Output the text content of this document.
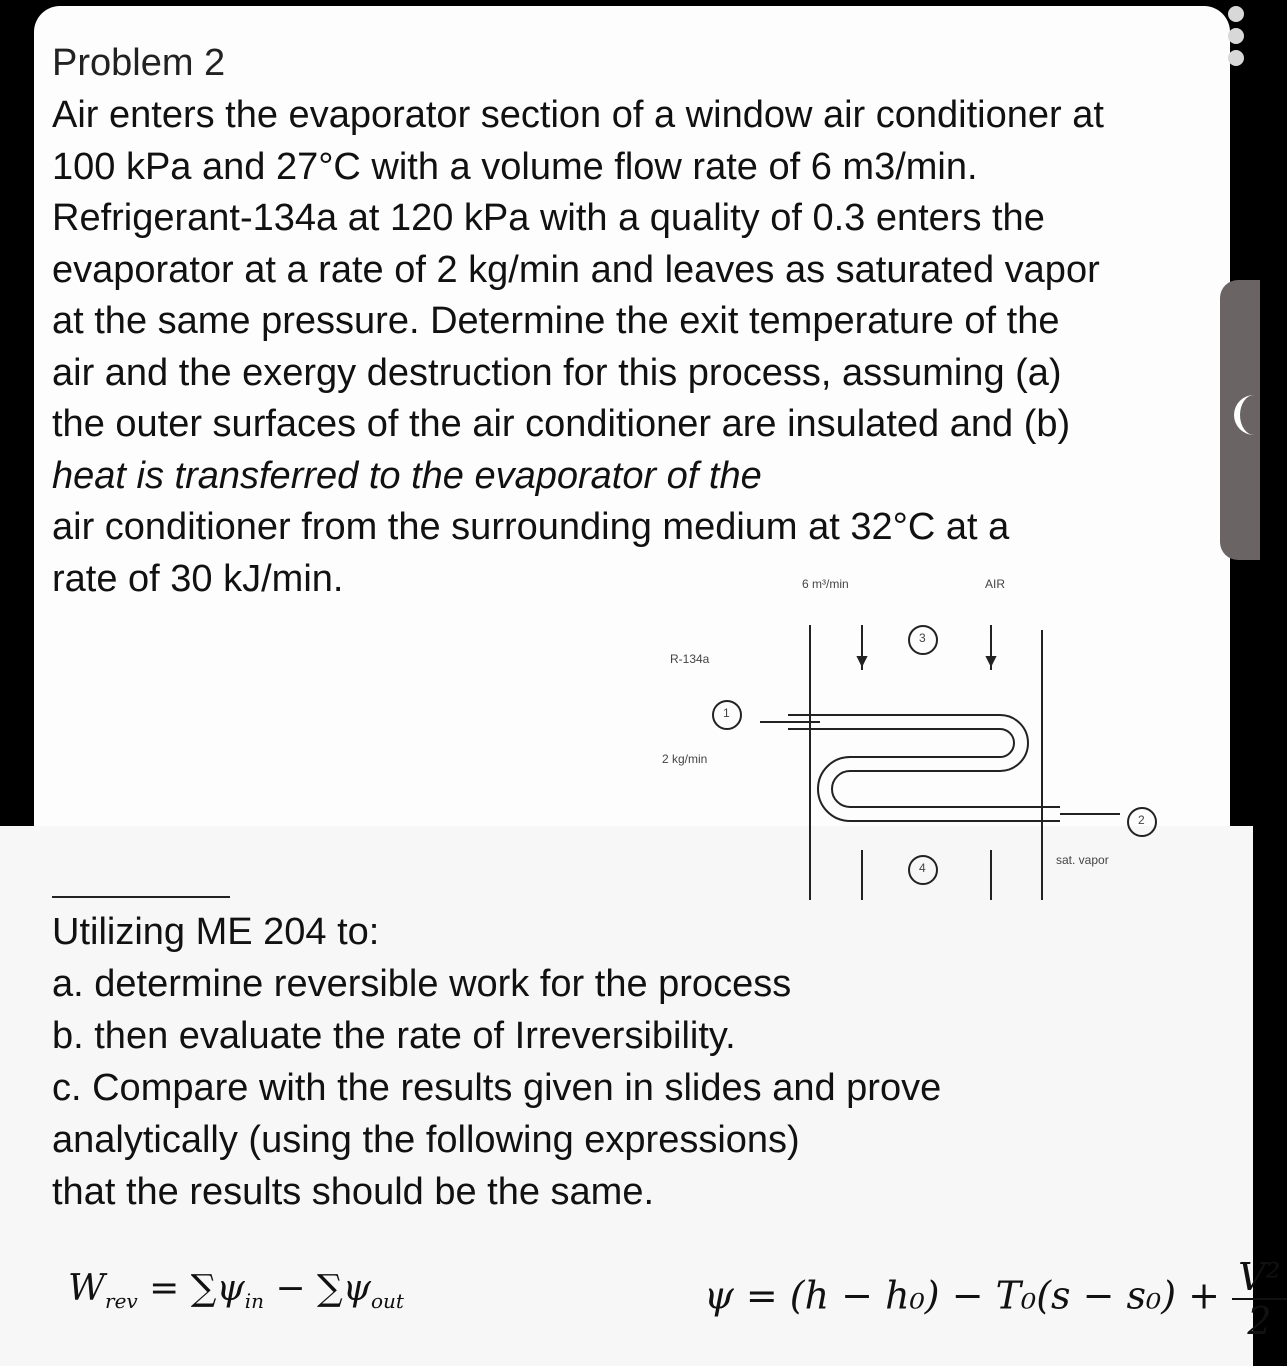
Problem 2
Air enters the evaporator section of a window air conditioner at
100 kPa and 27°C with a volume flow rate of 6 m3/min.
Refrigerant-134a at 120 kPa with a quality of 0.3 enters the
evaporator at a rate of 2 kg/min and leaves as saturated vapor
at the same pressure. Determine the exit temperature of the
air and the exergy destruction for this process, assuming (a)
the outer surfaces of the air conditioner are insulated and (b)
heat is transferred to the evaporator of the
air conditioner from the surrounding medium at 32°C at a
rate of 30 kJ/min.	6 m³/min	AIR
R-134a
2 kg/min
sat. vapor
1
2
3
4
Utilizing ME 204 to:
a. determine reversible work for the process
b. then evaluate the rate of Irreversibility.
c. Compare with the results given in slides and prove
analytically (using the following expressions)
that the results should be the same.
$W_{rev} = \sum\psi_{in} - \sum\psi_{out}$	$\psi = (h - h_0) - T_0(s - s_0) + \frac{\text{V²}}{2}$
